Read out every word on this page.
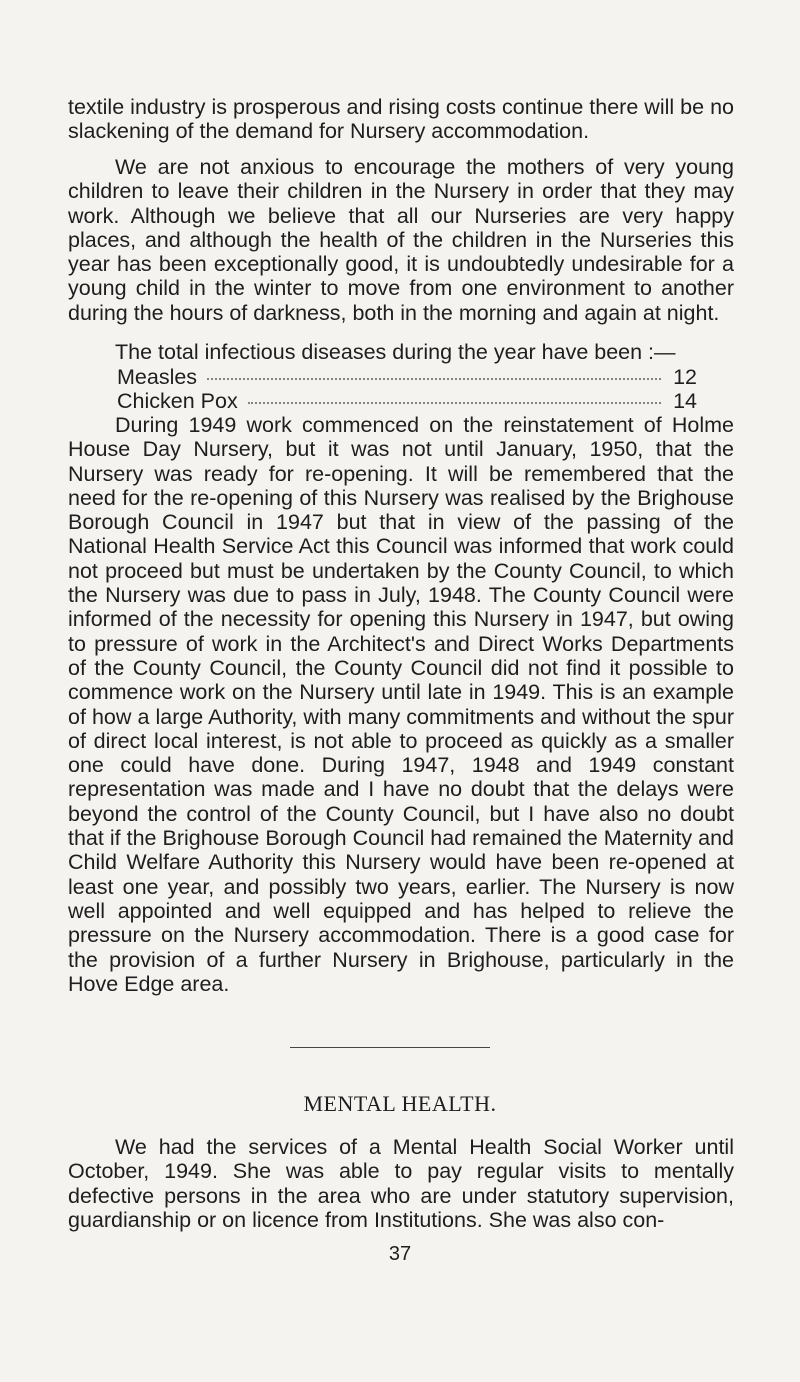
textile industry is prosperous and rising costs continue there will be no slackening of the demand for Nursery accommodation.

We are not anxious to encourage the mothers of very young children to leave their children in the Nursery in order that they may work. Although we believe that all our Nurseries are very happy places, and although the health of the children in the Nurseries this year has been exceptionally good, it is undoubtedly undesirable for a young child in the winter to move from one environment to another during the hours of darkness, both in the morning and again at night.

The total infectious diseases during the year have been :—

Measles	12
Chicken Pox	14

During 1949 work commenced on the reinstatement of Holme House Day Nursery, but it was not until January, 1950, that the Nursery was ready for re-opening. It will be remembered that the need for the re-opening of this Nursery was realised by the Brighouse Borough Council in 1947 but that in view of the passing of the National Health Service Act this Council was informed that work could not proceed but must be undertaken by the County Council, to which the Nursery was due to pass in July, 1948. The County Council were informed of the necessity for opening this Nursery in 1947, but owing to pressure of work in the Architect's and Direct Works Departments of the County Council, the County Council did not find it possible to commence work on the Nursery until late in 1949. This is an example of how a large Authority, with many commitments and without the spur of direct local interest, is not able to proceed as quickly as a smaller one could have done. During 1947, 1948 and 1949 constant representation was made and I have no doubt that the delays were beyond the control of the County Council, but I have also no doubt that if the Brighouse Borough Council had remained the Maternity and Child Welfare Authority this Nursery would have been re-opened at least one year, and possibly two years, earlier. The Nursery is now well appointed and well equipped and has helped to relieve the pressure on the Nursery accommodation. There is a good case for the provision of a further Nursery in Brighouse, particularly in the Hove Edge area.

MENTAL HEALTH.

We had the services of a Mental Health Social Worker until October, 1949. She was able to pay regular visits to mentally defective persons in the area who are under statutory supervision, guardianship or on licence from Institutions. She was also con-

37
